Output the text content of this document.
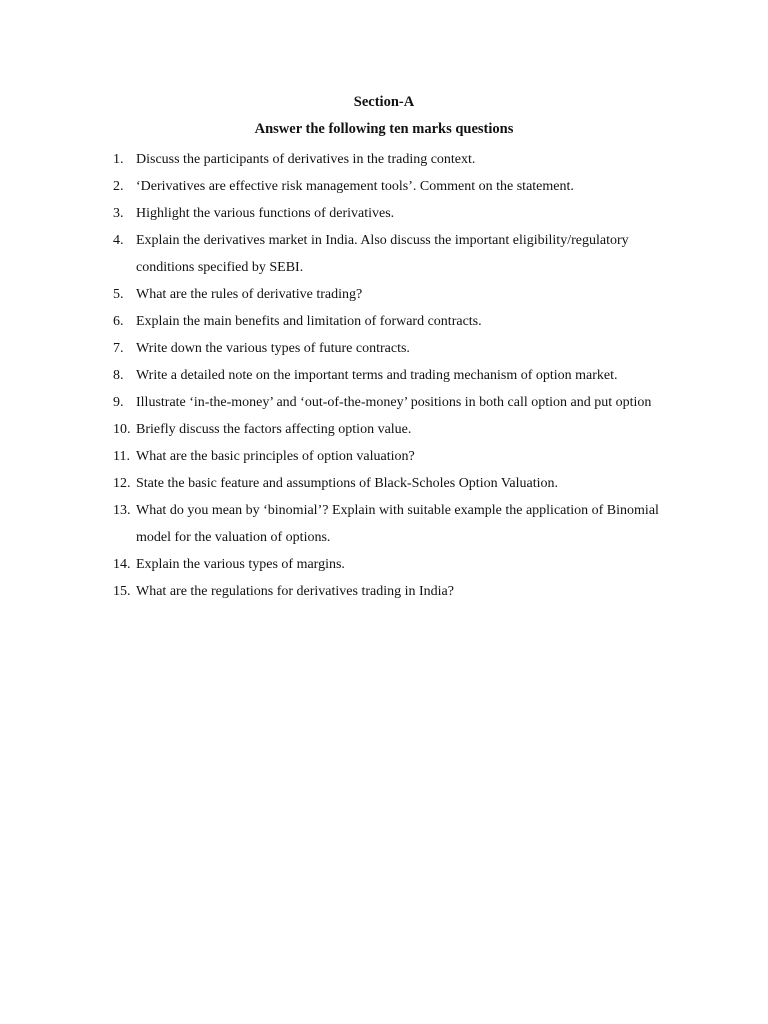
Section-A
Answer the following ten marks questions
1. Discuss the participants of derivatives in the trading context.
2. ‘Derivatives are effective risk management tools’. Comment on the statement.
3. Highlight the various functions of derivatives.
4. Explain the derivatives market in India. Also discuss the important eligibility/regulatory conditions specified by SEBI.
5. What are the rules of derivative trading?
6. Explain the main benefits and limitation of forward contracts.
7. Write down the various types of future contracts.
8. Write a detailed note on the important terms and trading mechanism of option market.
9. Illustrate ‘in-the-money’ and ‘out-of-the-money’ positions in both call option and put option
10. Briefly discuss the factors affecting option value.
11. What are the basic principles of option valuation?
12. State the basic feature and assumptions of Black-Scholes Option Valuation.
13. What do you mean by ‘binomial’? Explain with suitable example the application of Binomial model for the valuation of options.
14. Explain the various types of margins.
15. What are the regulations for derivatives trading in India?
